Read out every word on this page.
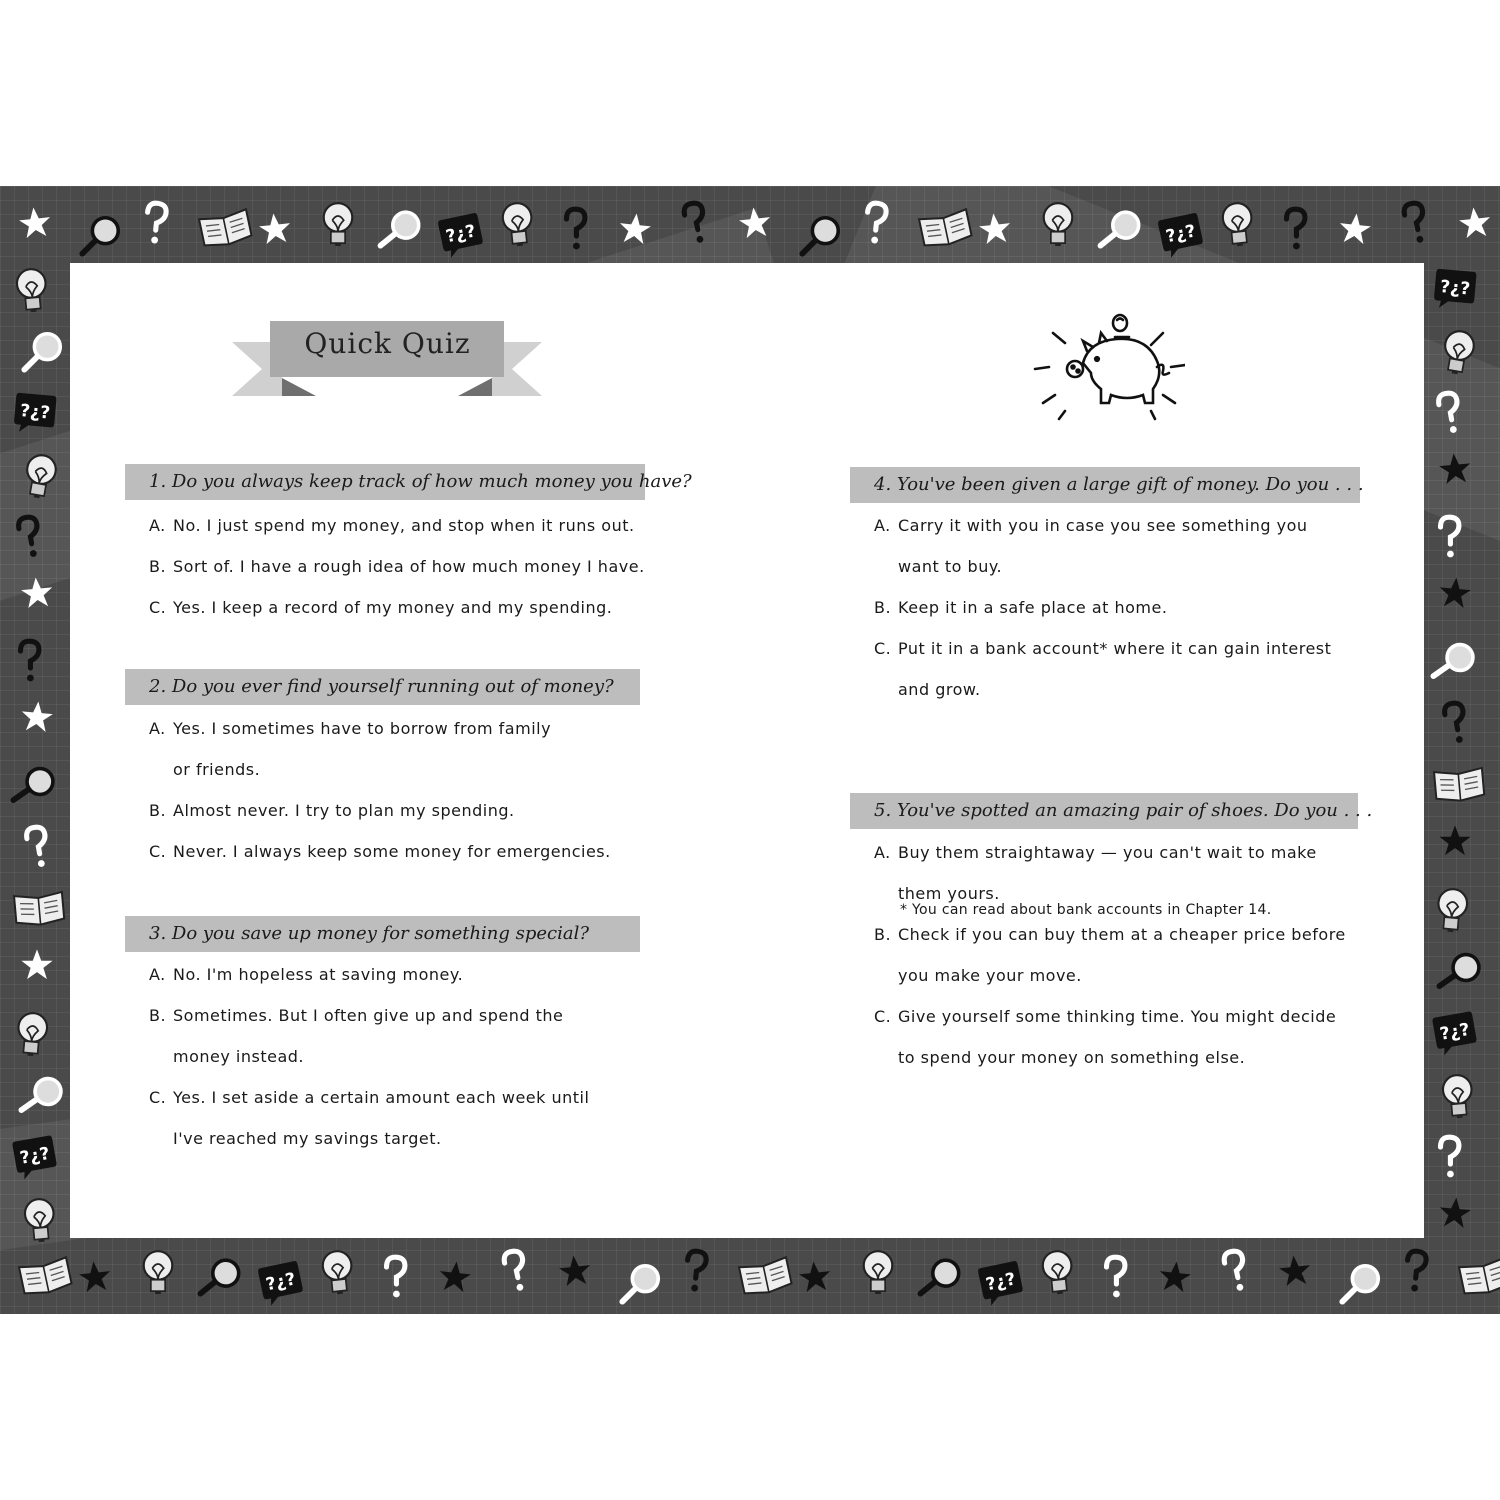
?¿?	?¿?
?¿?	?¿?
?¿?
?¿?
?¿?
?¿?
Quick Quiz
1. Do you always keep track of how much money you have?
A. No. I just spend my money, and stop when it runs out.
B. Sort of. I have a rough idea of how much money I have.
C. Yes. I keep a record of my money and my spending.
2. Do you ever find yourself running out of money?
A. Yes. I sometimes have to borrow from family
or friends.
B. Almost never. I try to plan my spending.
C. Never. I always keep some money for emergencies.
3. Do you save up money for something special?
A. No. I'm hopeless at saving money.
B. Sometimes. But I often give up and spend the
money instead.
C. Yes. I set aside a certain amount each week until
I've reached my savings target.
4. You've been given a large gift of money. Do you . . .
A. Carry it with you in case you see something you
want to buy.
B. Keep it in a safe place at home.
C. Put it in a bank account* where it can gain interest
and grow.
* You can read about bank accounts in Chapter 14.
5. You've spotted an amazing pair of shoes. Do you . . .
A. Buy them straightaway — you can't wait to make
them yours.
B. Check if you can buy them at a cheaper price before
you make your move.
C. Give yourself some thinking time. You might decide
to spend your money on something else.
